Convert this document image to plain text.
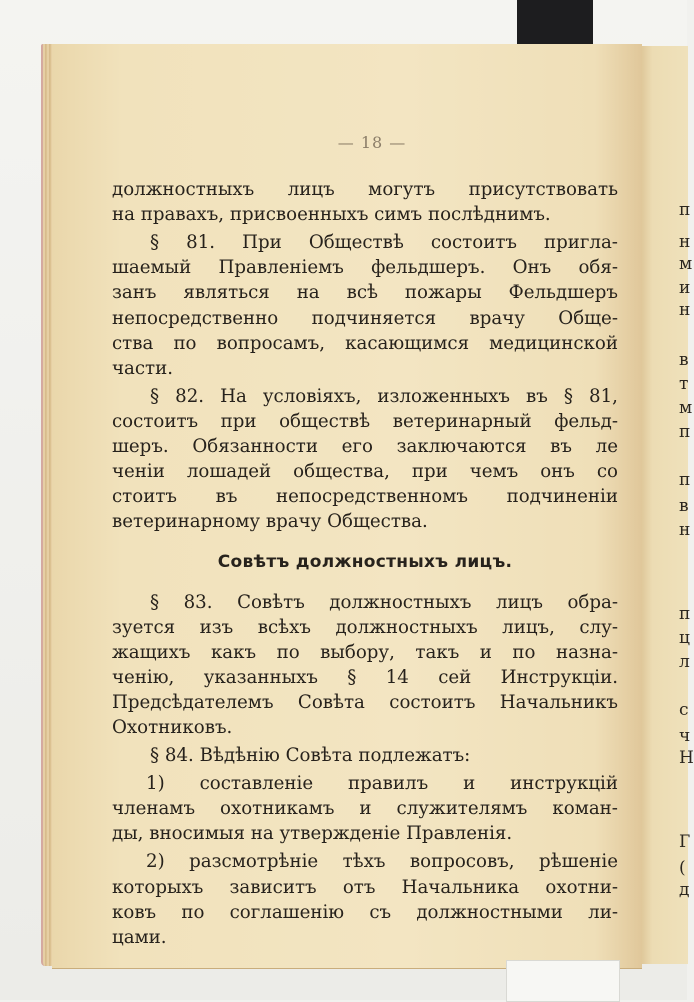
п
н
м
и
н
в
т
м
п
п
в
н
п
ц
л
с
ч
Н
Г
(
д
— 18 —
должностныхъ лицъ могутъ присутствовать
на правахъ, присвоенныхъ симъ послѣднимъ.
§ 81. При Обществѣ состоитъ пригла-
шаемый Правленіемъ фельдшеръ. Онъ обя-
занъ являться на всѣ пожары Фельдшеръ
непосредственно подчиняется врачу Обще-
ства по вопросамъ, касающимся медицинской
части.
§ 82. На условіяхъ, изложенныхъ въ § 81,
состоитъ при обществѣ ветеринарный фельд-
шеръ. Обязанности его заключаются въ ле
ченіи лошадей общества, при чемъ онъ со
стоитъ въ непосредственномъ подчиненіи
ветеринарному врачу Общества.
Совѣтъ должностныхъ лицъ.
§ 83. Совѣтъ должностныхъ лицъ обра-
зуется изъ всѣхъ должностныхъ лицъ, слу-
жащихъ какъ по выбору, такъ и по назна-
ченію, указанныхъ § 14 сей Инструкціи.
Предсѣдателемъ Совѣта состоитъ Начальникъ
Охотниковъ.
§ 84. Вѣдѣнію Совѣта подлежатъ:
1) составленіе правилъ и инструкцій
членамъ охотникамъ и служителямъ коман-
ды, вносимыя на утвержденіе Правленія.
2) разсмотрѣніе тѣхъ вопросовъ, рѣшеніе
которыхъ зависитъ отъ Начальника охотни-
ковъ по соглашенію съ должностными ли-
цами.
